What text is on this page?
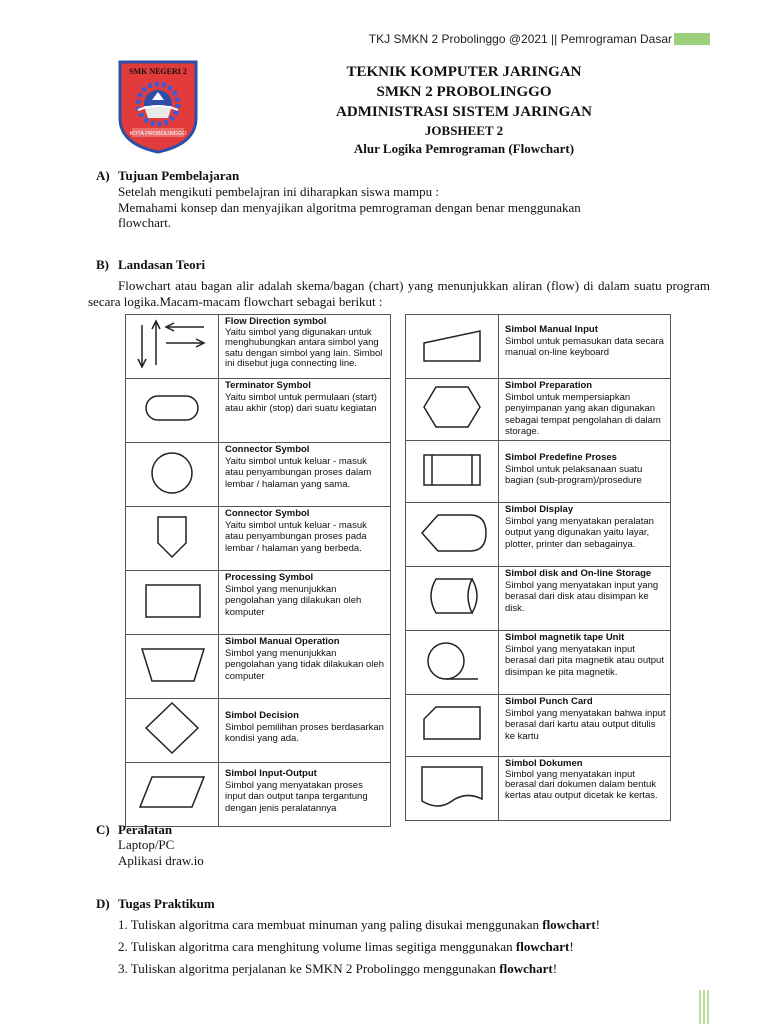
TKJ SMKN 2 Probolinggo @2021 || Pemrograman Dasar
SMK NEGERI 2
KOTA PROBOLINGGO
TEKNIK KOMPUTER JARINGAN
SMKN 2 PROBOLINGGO
ADMINISTRASI SISTEM JARINGAN
JOBSHEET 2
Alur Logika Pemrograman (Flowchart)
A) Tujuan Pembelajaran
Setelah mengikuti pembelajran ini diharapkan siswa mampu :
Memahami konsep dan menyajikan algoritma pemrograman dengan benar menggunakan
flowchart.
B) Landasan Teori
Flowchart atau bagan alir adalah skema/bagan (chart) yang menunjukkan aliran (flow) di dalam suatu program secara logika.Macam-macam flowchart sebagai berikut :

Flow Direction symbol
Yaitu simbol yang digunakan untuk menghubungkan antara simbol yang satu dengan simbol yang lain. Simbol ini disebut juga connecting line.

Terminator Symbol
Yaitu simbol untuk permulaan (start) atau akhir (stop) dari suatu kegiatan

Connector Symbol
Yaitu simbol untuk keluar - masuk atau penyambungan proses dalam lembar / halaman yang sama.

Connector Symbol
Yaitu simbol untuk keluar - masuk atau penyambungan proses pada lembar / halaman yang berbeda.

Processing Symbol
Simbol yang menunjukkan pengolahan yang dilakukan oleh komputer

Simbol Manual Operation
Simbol yang menunjukkan pengolahan yang tidak dilakukan oleh computer

Simbol Decision
Simbol pemilihan proses berdasarkan kondisi yang ada.

Simbol Input-Output
Simbol yang menyatakan proses input dan output tanpa tergantung dengan jenis peralatannya

Simbol Manual Input
Simbol untuk pemasukan data secara manual on-line keyboard

Simbol Preparation
Simbol untuk mempersiapkan penyimpanan yang akan digunakan sebagai tempat pengolahan di dalam storage.

Simbol Predefine Proses
Simbol untuk pelaksanaan suatu bagian (sub-program)/prosedure

Simbol Display
Simbol yang menyatakan peralatan output yang digunakan yaitu layar, plotter, printer dan sebagainya.

Simbol disk and On-line Storage
Simbol yang menyatakan input yang berasal dari disk atau disimpan ke disk.

Simbol magnetik tape Unit
Simbol yang menyatakan input berasal dari pita magnetik atau output disimpan ke pita magnetik.

Simbol Punch Card
Simbol yang menyatakan bahwa input berasal dari kartu atau output ditulis ke kartu

Simbol Dokumen
Simbol yang menyatakan input berasal dari dokumen dalam bentuk kertas atau output dicetak ke kertas.
C) Peralatan
Laptop/PC
Aplikasi draw.io
D) Tugas Praktikum
1. Tuliskan algoritma cara membuat minuman yang paling disukai menggunakan flowchart!
2. Tuliskan algoritma cara menghitung volume limas segitiga menggunakan flowchart!
3. Tuliskan algoritma perjalanan ke SMKN 2 Probolinggo menggunakan flowchart!
